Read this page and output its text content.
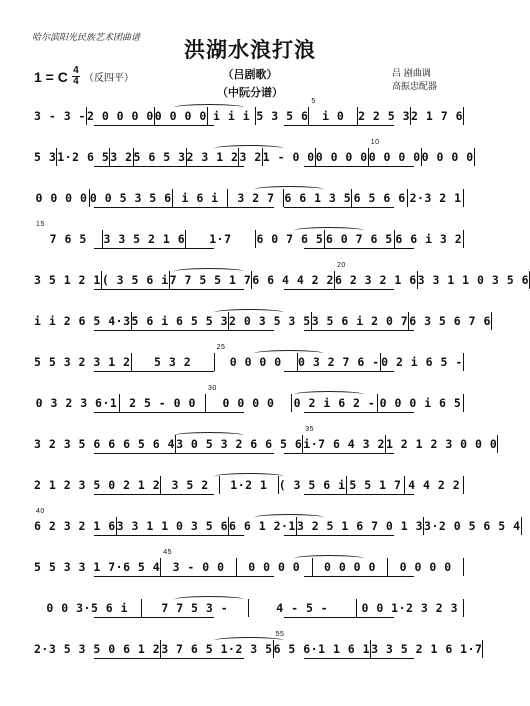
哈尔滨阳光民族艺术团曲谱
洪湖水浪打浪
1 = C 4
4 （反四平）	（吕剧歌）
（中阮分谱）
吕 剧曲调
高振忠配器
3 - 3 - 2 0 0 0 0 0 0 0 0 i i i 5 3 5 6	i 0
5
2 2 5 3 2 1 7 6
5 3 1·2 6 5 3 2 5 6 5 3 2 3 1 2 3 2 1 - 0 0 0 0 0 0 0 0 0 0
10
0 0 0 0
0 0 0 0 0 0 5 3 5 6 i 6 i	3 2 7 6 6 1 3 5 6 5 6 6 2·3 2 1
7 6 5
15
3 3 5 2 1 6	1·7	6 0 7 6 5 6 0 7 6 5 6 6 i 3 2
3 5 1 2 1 ( 3 5 6 i 7 7 5 5 1 7 6 6 4 4 2 2 6 2 3 2 1 6
20
3 3 1 1 0 3 5 6
i i 2 6 5 4·3 5 6 i 6 5 5 3 2 0 3 5 3 5 3 5 6 i 2 0 7 6 3 5 6 7 6
5 5 3 2 3 1 2	5 3 2	0 0 0 0
25
0 3 2 7 6 - 0 2 i 6 5 -
0 3 2 3 6·1	2 5 - 0 0	0 0 0 0
30
0 2 i 6 2 - 0 0 0 i 6 5
3 2 3 5 6 6 6 5 6 4 3 0 5 3 2 6 6 5 6 i·7 6 4 3 2
35
1 2 1 2 3 0 0 0
2 1 2 3 5 0 2 1 2 3 5 2	1·2 1 ( 3 5 6 i 5 5 1 7 4 4 2 2
6 2 3 2 1 6
40
3 3 1 1 0 3 5 6 6 6 1 2·1 3 2 5 1 6 7 0 1 3 3·2 0 5 6 5 4
5 5 3 3 1 7·6 5 4	3 - 0 0
45
0 0 0 0	0 0 0 0	0 0 0 0
0 0 3·5 6 i	7 7 5 3 -	4 - 5 -	0 0 1·2 3 2 3
2·3 5 3 5 0 6 1 2 3 7 6 5 1·2 3 5 6 5 6·1 1 6 1
55
3 3 5 2 1 6 1·7
